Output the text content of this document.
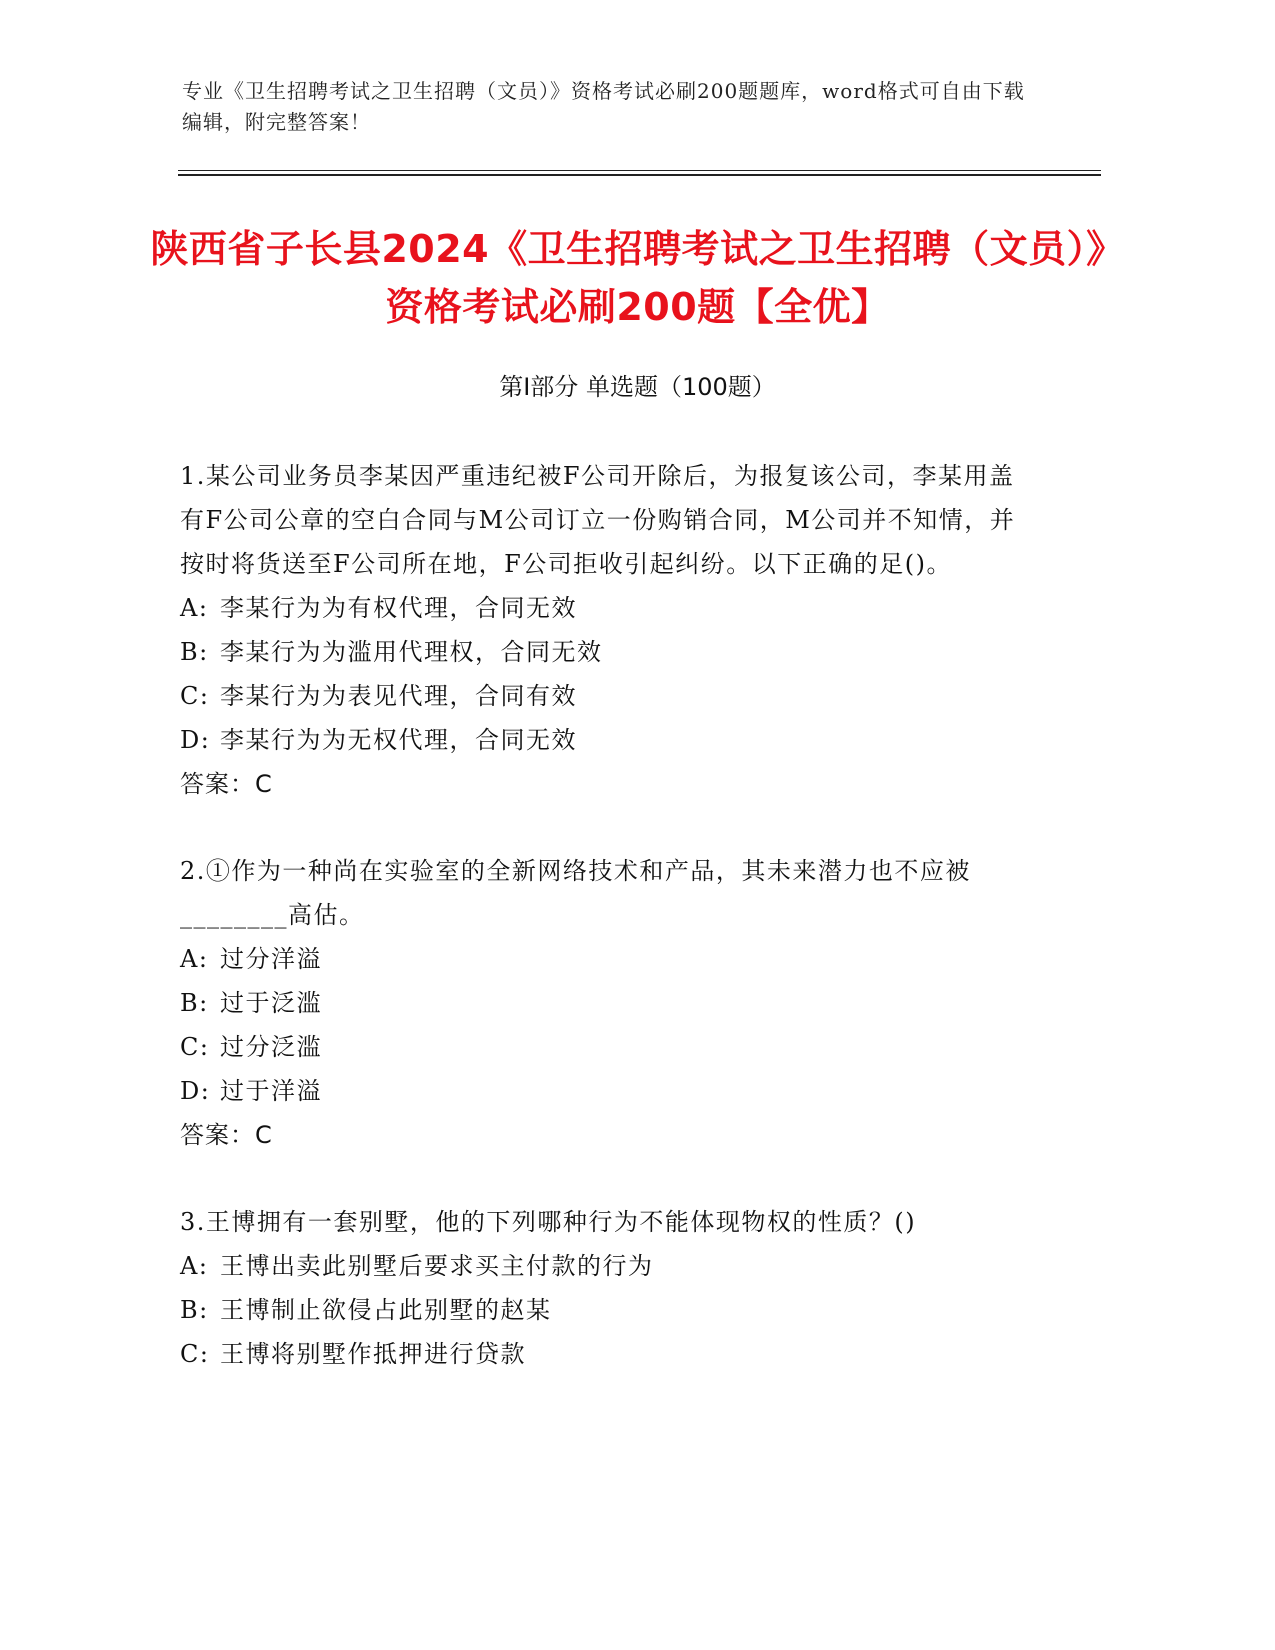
专业《卫生招聘考试之卫生招聘（文员）》资格考试必刷200题题库，word格式可自由下载编辑，附完整答案！
陕西省子长县2024《卫生招聘考试之卫生招聘（文员）》资格考试必刷200题【全优】
第Ⅰ部分 单选题（100题）

1.某公司业务员李某因严重违纪被F公司开除后，为报复该公司，李某用盖有F公司公章的空白合同与M公司订立一份购销合同，M公司并不知情，并按时将货送至F公司所在地，F公司拒收引起纠纷。以下正确的足()。

A: 李某行为为有权代理，合同无效

B: 李某行为为滥用代理权，合同无效

C: 李某行为为表见代理，合同有效

D: 李某行为为无权代理，合同无效

答案：C

2.①作为一种尚在实验室的全新网络技术和产品，其未来潜力也不应被________高估。

A: 过分洋溢

B: 过于泛滥

C: 过分泛滥

D: 过于洋溢

答案：C

3.王博拥有一套别墅，他的下列哪种行为不能体现物权的性质？()

A: 王博出卖此别墅后要求买主付款的行为

B: 王博制止欲侵占此别墅的赵某

C: 王博将别墅作抵押进行贷款
